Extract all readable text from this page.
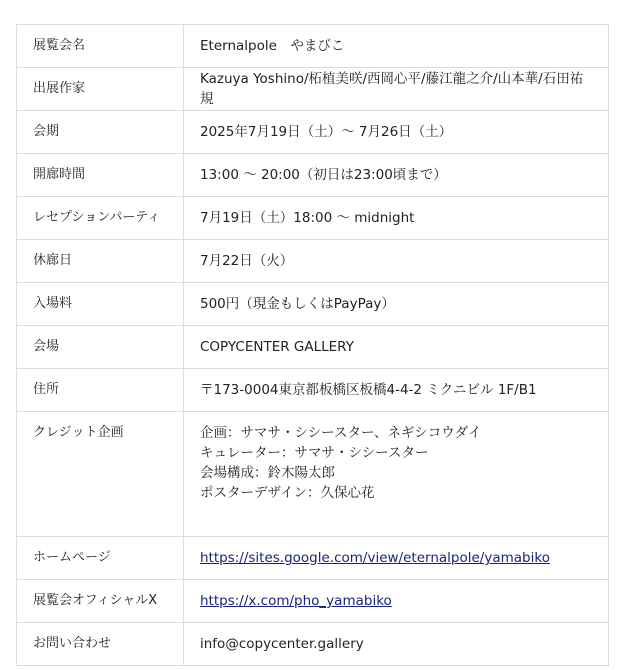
展覧会名	Eternalpole　やまびこ
出展作家	Kazuya Yoshino/柘植美咲/西岡心平/藤江龍之介/山本華/石田祐規
会期	2025年7月19日（土）〜 7月26日（土）
開廊時間	13:00 〜 20:00（初日は23:00頃まで）
レセプションパーティ	7月19日（土）18:00 〜 midnight
休廊日	7月22日（火）
入場料	500円（現金もしくはPayPay）
会場	COPYCENTER GALLERY
住所	〒173-0004東京都板橋区板橋4-4-2 ミクニビル 1F/B1
クレジット企画	企画：サマサ・シシースター、ネギシコウダイ
キュレーター：サマサ・シシースター
会場構成：鈴木陽太郎
ポスターデザイン：久保心花

ホームページ	https://sites.google.com/view/eternalpole/yamabiko
展覧会オフィシャルX	https://x.com/pho_yamabiko
お問い合わせ	info@copycenter.gallery
